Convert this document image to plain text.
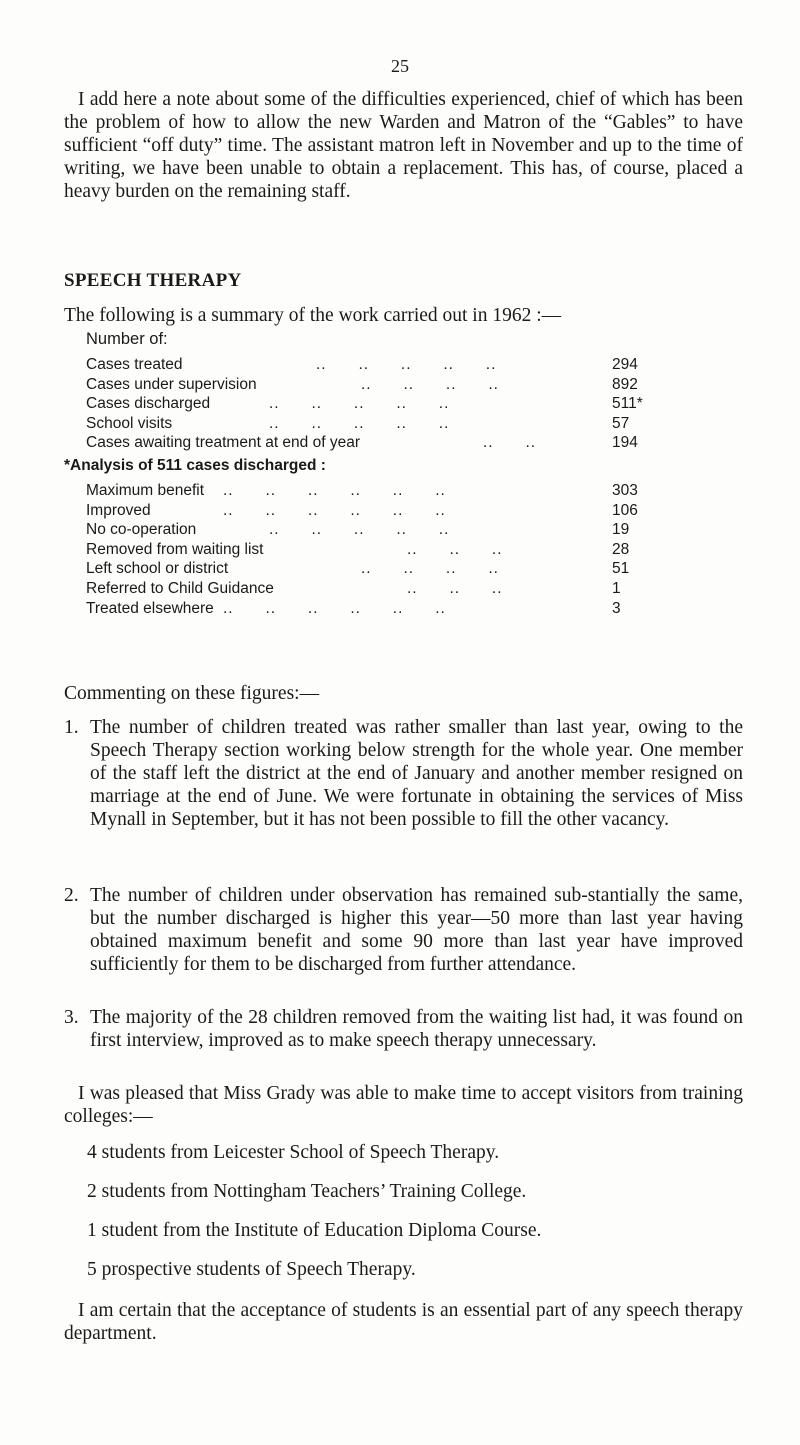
25

I add here a note about some of the difficulties experienced, chief of which has been the problem of how to allow the new Warden and Matron of the “Gables” to have sufficient “off duty” time. The assistant matron left in November and up to the time of writing, we have been unable to obtain a replacement. This has, of course, placed a heavy burden on the remaining staff.

SPEECH THERAPY
The following is a summary of the work carried out in 1962 :—
Number of:
..      ..      ..      ..      ..
Cases treated	294
..      ..      ..      ..
Cases under supervision	892
..      ..      ..      ..      ..
Cases discharged	511*
..      ..      ..      ..      ..
School visits	57
..      ..
Cases awaiting treatment at end of year	194
*Analysis of 511 cases discharged :
..      ..      ..      ..      ..      ..
Maximum benefit	303
..      ..      ..      ..      ..      ..
Improved	106
..      ..      ..      ..      ..
No co-operation	19
..      ..      ..
Removed from waiting list	28
..      ..      ..      ..
Left school or district	51
..      ..      ..
Referred to Child Guidance	1
..      ..      ..      ..      ..      ..
Treated elsewhere	3
Commenting on these figures:—
1. The number of children treated was rather smaller than last year, owing to the Speech Therapy section working below strength for the whole year. One member of the staff left the district at the end of January and another member resigned on marriage at the end of June. We were fortunate in obtaining the services of Miss Mynall in September, but it has not been possible to fill the other vacancy.
2. The number of children under observation has remained sub-stantially the same, but the number discharged is higher this year—50 more than last year having obtained maximum benefit and some 90 more than last year have improved sufficiently for them to be discharged from further attendance.
3. The majority of the 28 children removed from the waiting list had, it was found on first interview, improved as to make speech therapy unnecessary.

I was pleased that Miss Grady was able to make time to accept visitors from training colleges:—

4 students from Leicester School of Speech Therapy.
2 students from Nottingham Teachers’ Training College.
1 student from the Institute of Education Diploma Course.
5 prospective students of Speech Therapy.

I am certain that the acceptance of students is an essential part of any speech therapy department.
